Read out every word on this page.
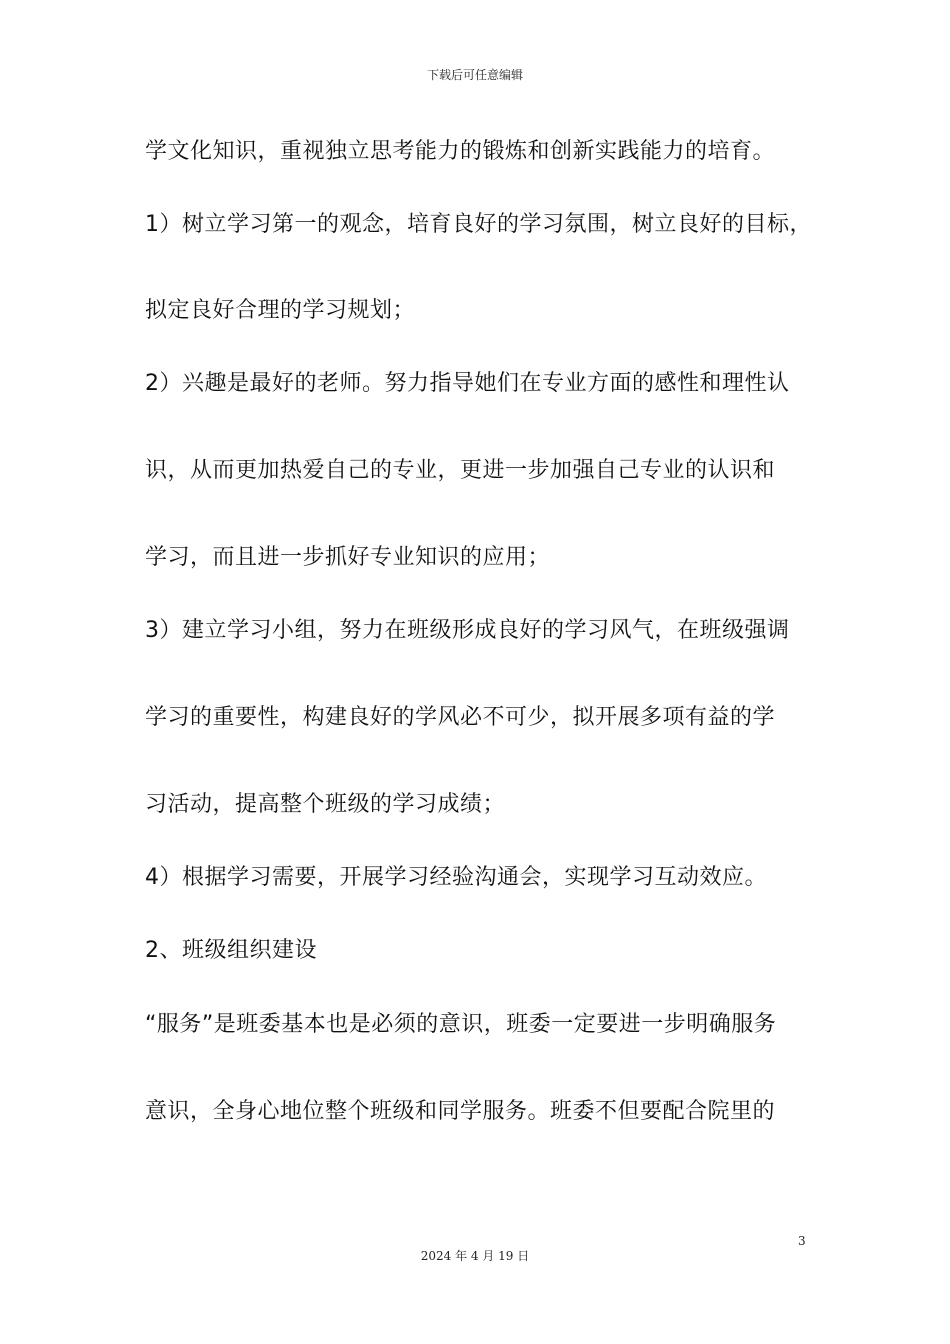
下载后可任意编辑
学文化知识，重视独立思考能力的锻炼和创新实践能力的培育。
1）树立学习第一的观念，培育良好的学习氛围，树立良好的目标，
拟定良好合理的学习规划；
2）兴趣是最好的老师。努力指导她们在专业方面的感性和理性认
识，从而更加热爱自己的专业，更进一步加强自己专业的认识和
学习，而且进一步抓好专业知识的应用；
3）建立学习小组，努力在班级形成良好的学习风气，在班级强调
学习的重要性，构建良好的学风必不可少，拟开展多项有益的学
习活动，提高整个班级的学习成绩；
4）根据学习需要，开展学习经验沟通会，实现学习互动效应。
2、班级组织建设
“服务”是班委基本也是必须的意识，班委一定要进一步明确服务
意识，全身心地位整个班级和同学服务。班委不但要配合院里的
3
2024 年 4 月 19 日
